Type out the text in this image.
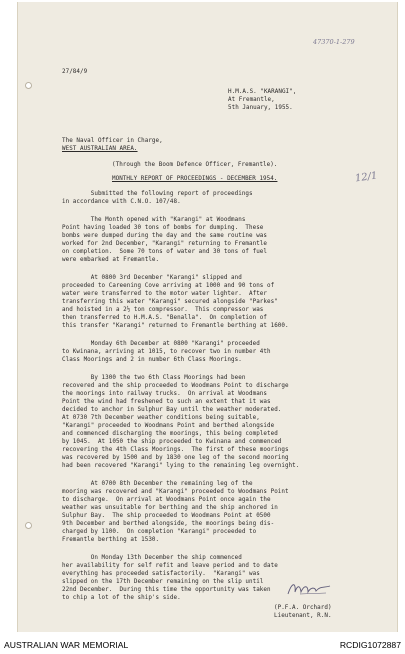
47370-1-279
27/84/9
H.M.A.S. "KARANGI",
At Fremantle,
5th January, 1955.
The Naval Officer in Charge,
WEST AUSTRALIAN AREA.
(Through the Boom Defence Officer, Fremantle).
MONTHLY REPORT OF PROCEEDINGS - DECEMBER 1954.	12/1

Submitted the following report of proceedings
in accordance with C.N.O. 107/48.

The Month opened with "Karangi" at Woodmans
Point having loaded 30 tons of bombs for dumping.  These
bombs were dumped during the day and the same routine was
worked for 2nd December, "Karangi" returning to Fremantle
on completion.  Some 70 tons of water and 30 tons of fuel
were embarked at Fremantle.

At 0800 3rd December "Karangi" slipped and
proceeded to Careening Cove arriving at 1000 and 90 tons of
water were transferred to the motor water lighter.  After
transferring this water "Karangi" secured alongside "Parkes"
and hoisted in a 2½ ton compressor.  This compressor was
then transferred to H.M.A.S. "Benalla".  On completion of
this transfer "Karangi" returned to Fremantle berthing at 1600.

Monday 6th December at 0800 "Karangi" proceeded
to Kwinana, arriving at 1015, to recover two in number 4th
Class Moorings and 2 in number 6th Class Moorings.

By 1300 the two 6th Class Moorings had been
recovered and the ship proceeded to Woodmans Point to discharge
the moorings into railway trucks.  On arrival at Woodmans
Point the wind had freshened to such an extent that it was
decided to anchor in Sulphur Bay until the weather moderated.
At 0730 7th December weather conditions being suitable,
"Karangi" proceeded to Woodmans Point and berthed alongside
and commenced discharging the moorings, this being completed
by 1045.  At 1050 the ship proceeded to Kwinana and commenced
recovering the 4th Class Moorings.  The first of these moorings
was recovered by 1500 and by 1830 one leg of the second mooring
had been recovered "Karangi" lying to the remaining leg overnight.

At 0700 8th December the remaining leg of the
mooring was recovered and "Karangi" proceeded to Woodmans Point
to discharge.  On arrival at Woodmans Point once again the
weather was unsuitable for berthing and the ship anchored in
Sulphur Bay.  The ship proceeded to Woodmans Point at 0500
9th December and berthed alongside, the moorings being dis-
charged by 1100.  On completion "Karangi" proceeded to
Fremantle berthing at 1530.

On Monday 13th December the ship commenced
her availability for self refit and leave period and to date
everything has proceeded satisfactorily.  "Karangi" was
slipped on the 17th December remaining on the slip until
22nd December.  During this time the opportunity was taken
to chip a lot of the ship's side.

(P.F.A. Orchard)
Lieutenant, R.N.
AUSTRALIAN WAR MEMORIAL	RCDIG1072887
